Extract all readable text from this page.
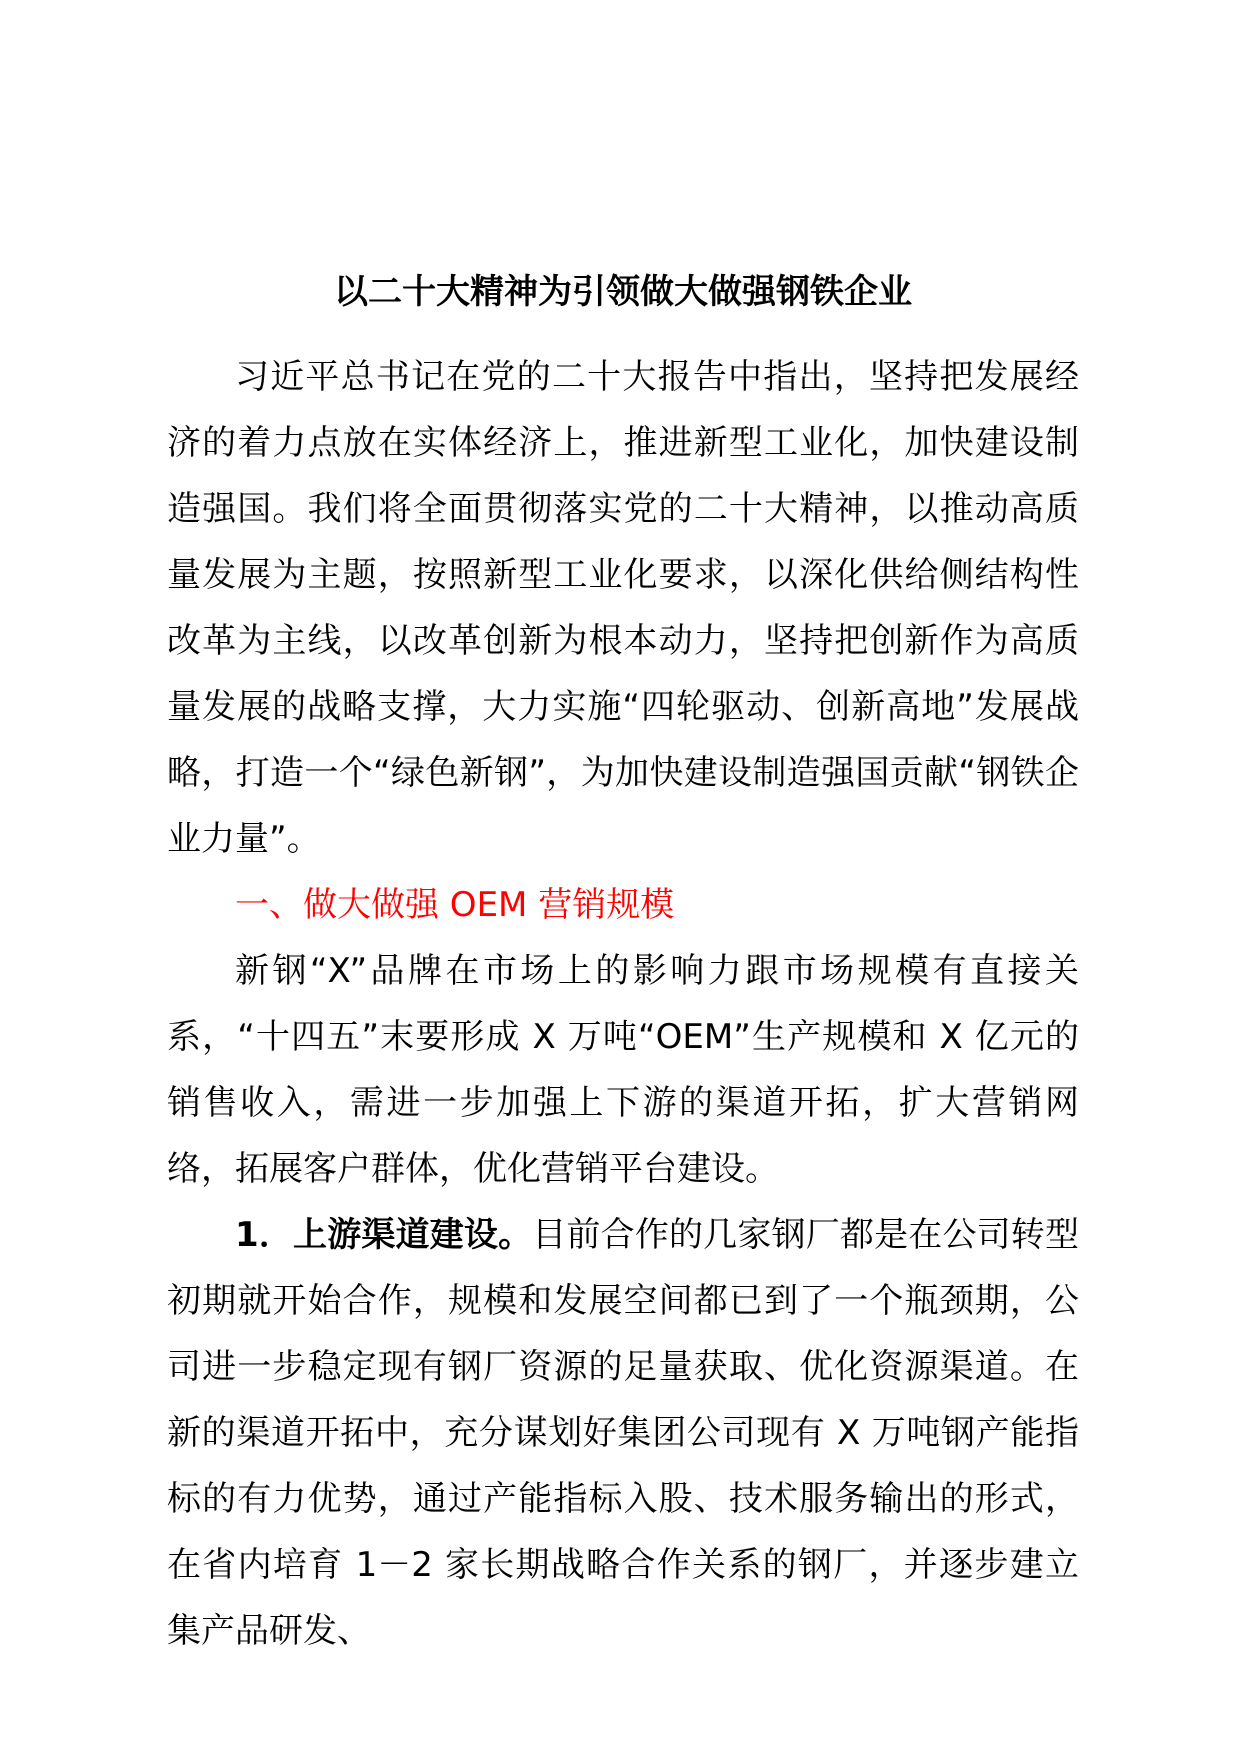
以二十大精神为引领做大做强钢铁企业

习近平总书记在党的二十大报告中指出，坚持把发展经济的着力点放在实体经济上，推进新型工业化，加快建设制造强国。我们将全面贯彻落实党的二十大精神，以推动高质量发展为主题，按照新型工业化要求，以深化供给侧结构性改革为主线，以改革创新为根本动力，坚持把创新作为高质量发展的战略支撑，大力实施“四轮驱动、创新高地”发展战略，打造一个“绿色新钢”，为加快建设制造强国贡献“钢铁企业力量”。

一、做大做强 OEM 营销规模

新钢“X”品牌在市场上的影响力跟市场规模有直接关系，“十四五”末要形成 X 万吨“OEM”生产规模和 X 亿元的销售收入，需进一步加强上下游的渠道开拓，扩大营销网络，拓展客户群体，优化营销平台建设。

1．上游渠道建设。目前合作的几家钢厂都是在公司转型初期就开始合作，规模和发展空间都已到了一个瓶颈期，公司进一步稳定现有钢厂资源的足量获取、优化资源渠道。在新的渠道开拓中，充分谋划好集团公司现有 X 万吨钢产能指标的有力优势，通过产能指标入股、技术服务输出的形式，在省内培育 1－2 家长期战略合作关系的钢厂，并逐步建立集产品研发、
